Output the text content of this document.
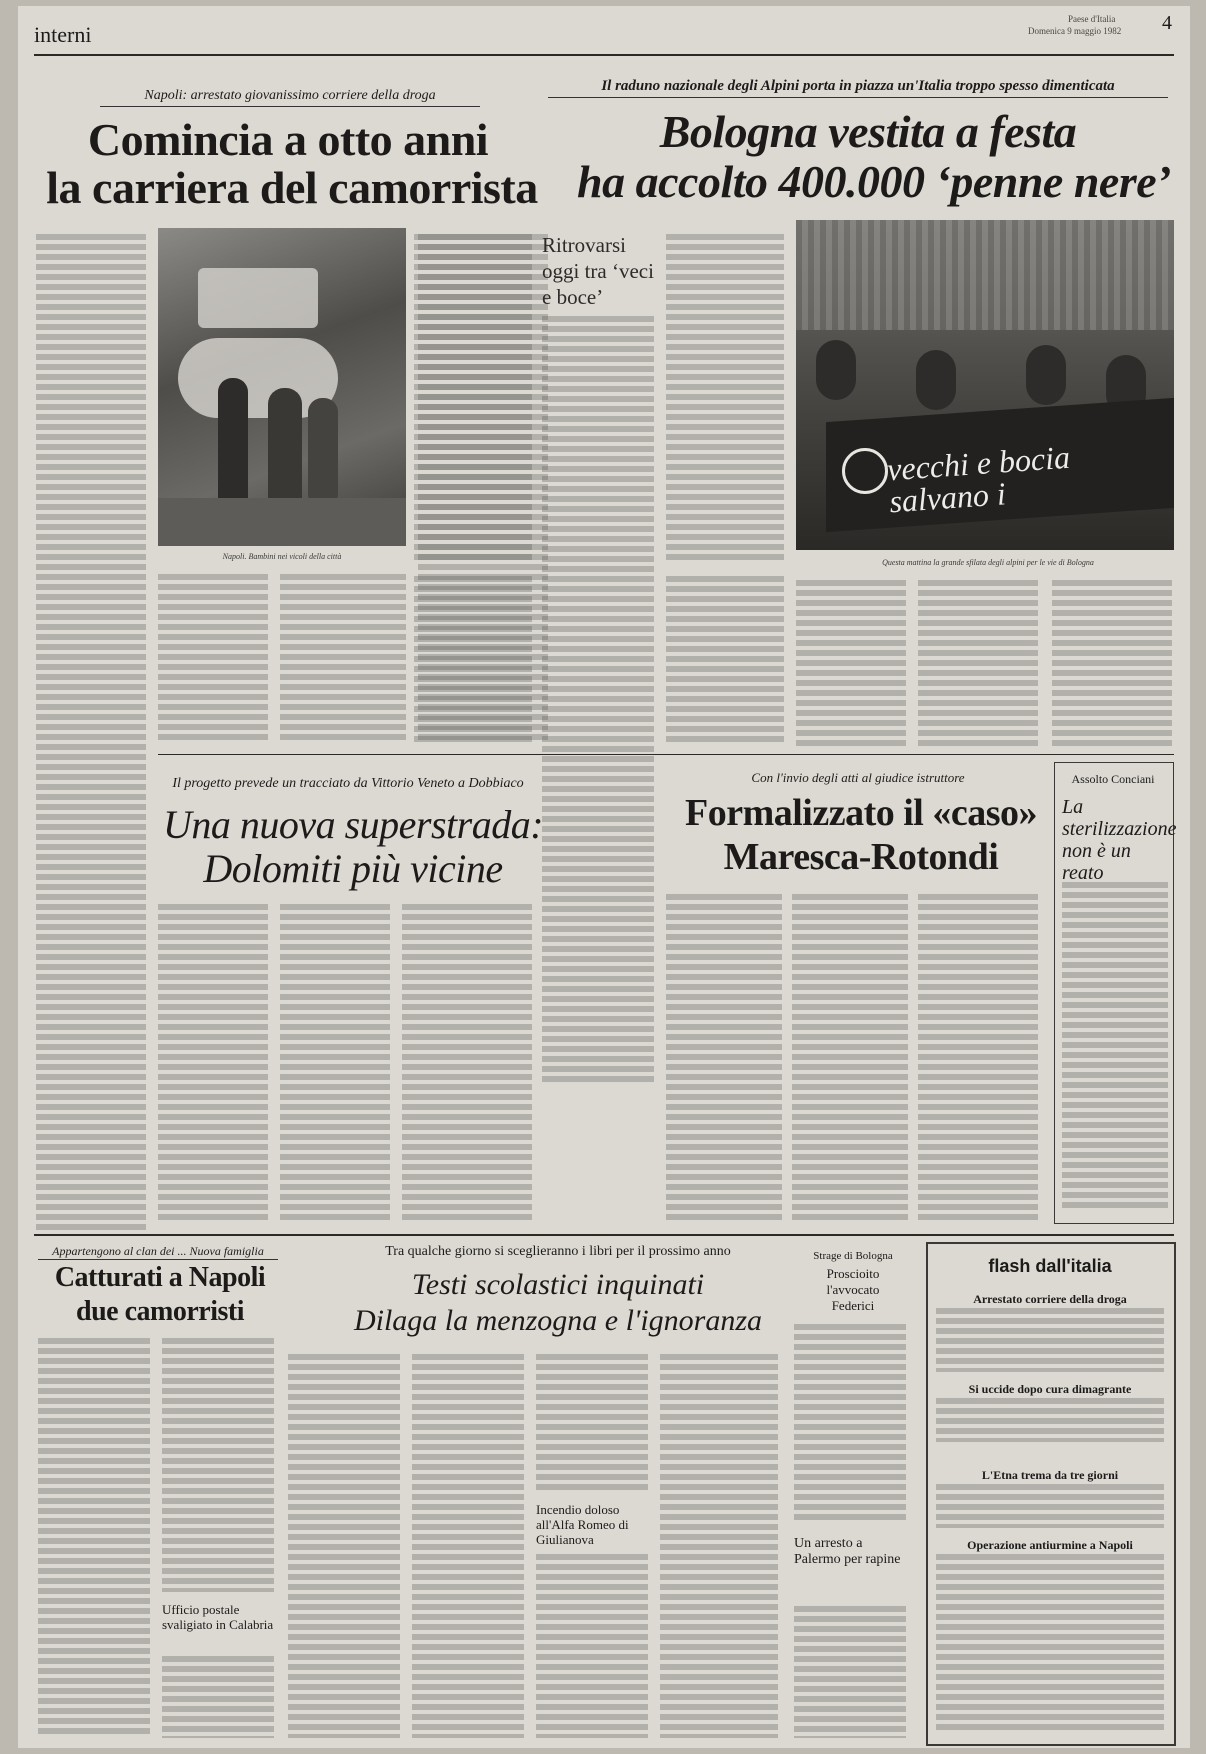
interni
Paese d'Italia
Domenica 9 maggio 1982 4
Napoli: arrestato giovanissimo corriere della droga
Comincia a otto anni
la carriera del camorrista
Napoli. Bambini nei vicoli della città
Il raduno nazionale degli Alpini porta in piazza un'Italia troppo spesso dimenticata
Bologna vestita a festa
ha accolto 400.000 ‘penne nere’
Ritrovarsi oggi tra ‘veci e boce’
vecchi e bocia salvano i
Questa mattina la grande sfilata degli alpini per le vie di Bologna
Il progetto prevede un tracciato da Vittorio Veneto a Dobbiaco
Una nuova superstrada:
Dolomiti più vicine
Con l'invio degli atti al giudice istruttore
Formalizzato il «caso»
Maresca-Rotondi
Assolto Conciani
La sterilizzazione non è un reato
Appartengono al clan dei ... Nuova famiglia
Catturati a Napoli
due camorristi
Ufficio postale svaligiato in Calabria
Tra qualche giorno si sceglieranno i libri per il prossimo anno
Testi scolastici inquinati
Dilaga la menzogna e l'ignoranza
Incendio doloso all'Alfa Romeo di Giulianova
Strage di Bologna
Proscioito l'avvocato Federici
Un arresto a Palermo per rapine
flash dall'italia
Arrestato corriere della droga
Si uccide dopo cura dimagrante
L'Etna trema da tre giorni
Operazione antiurmine a Napoli
